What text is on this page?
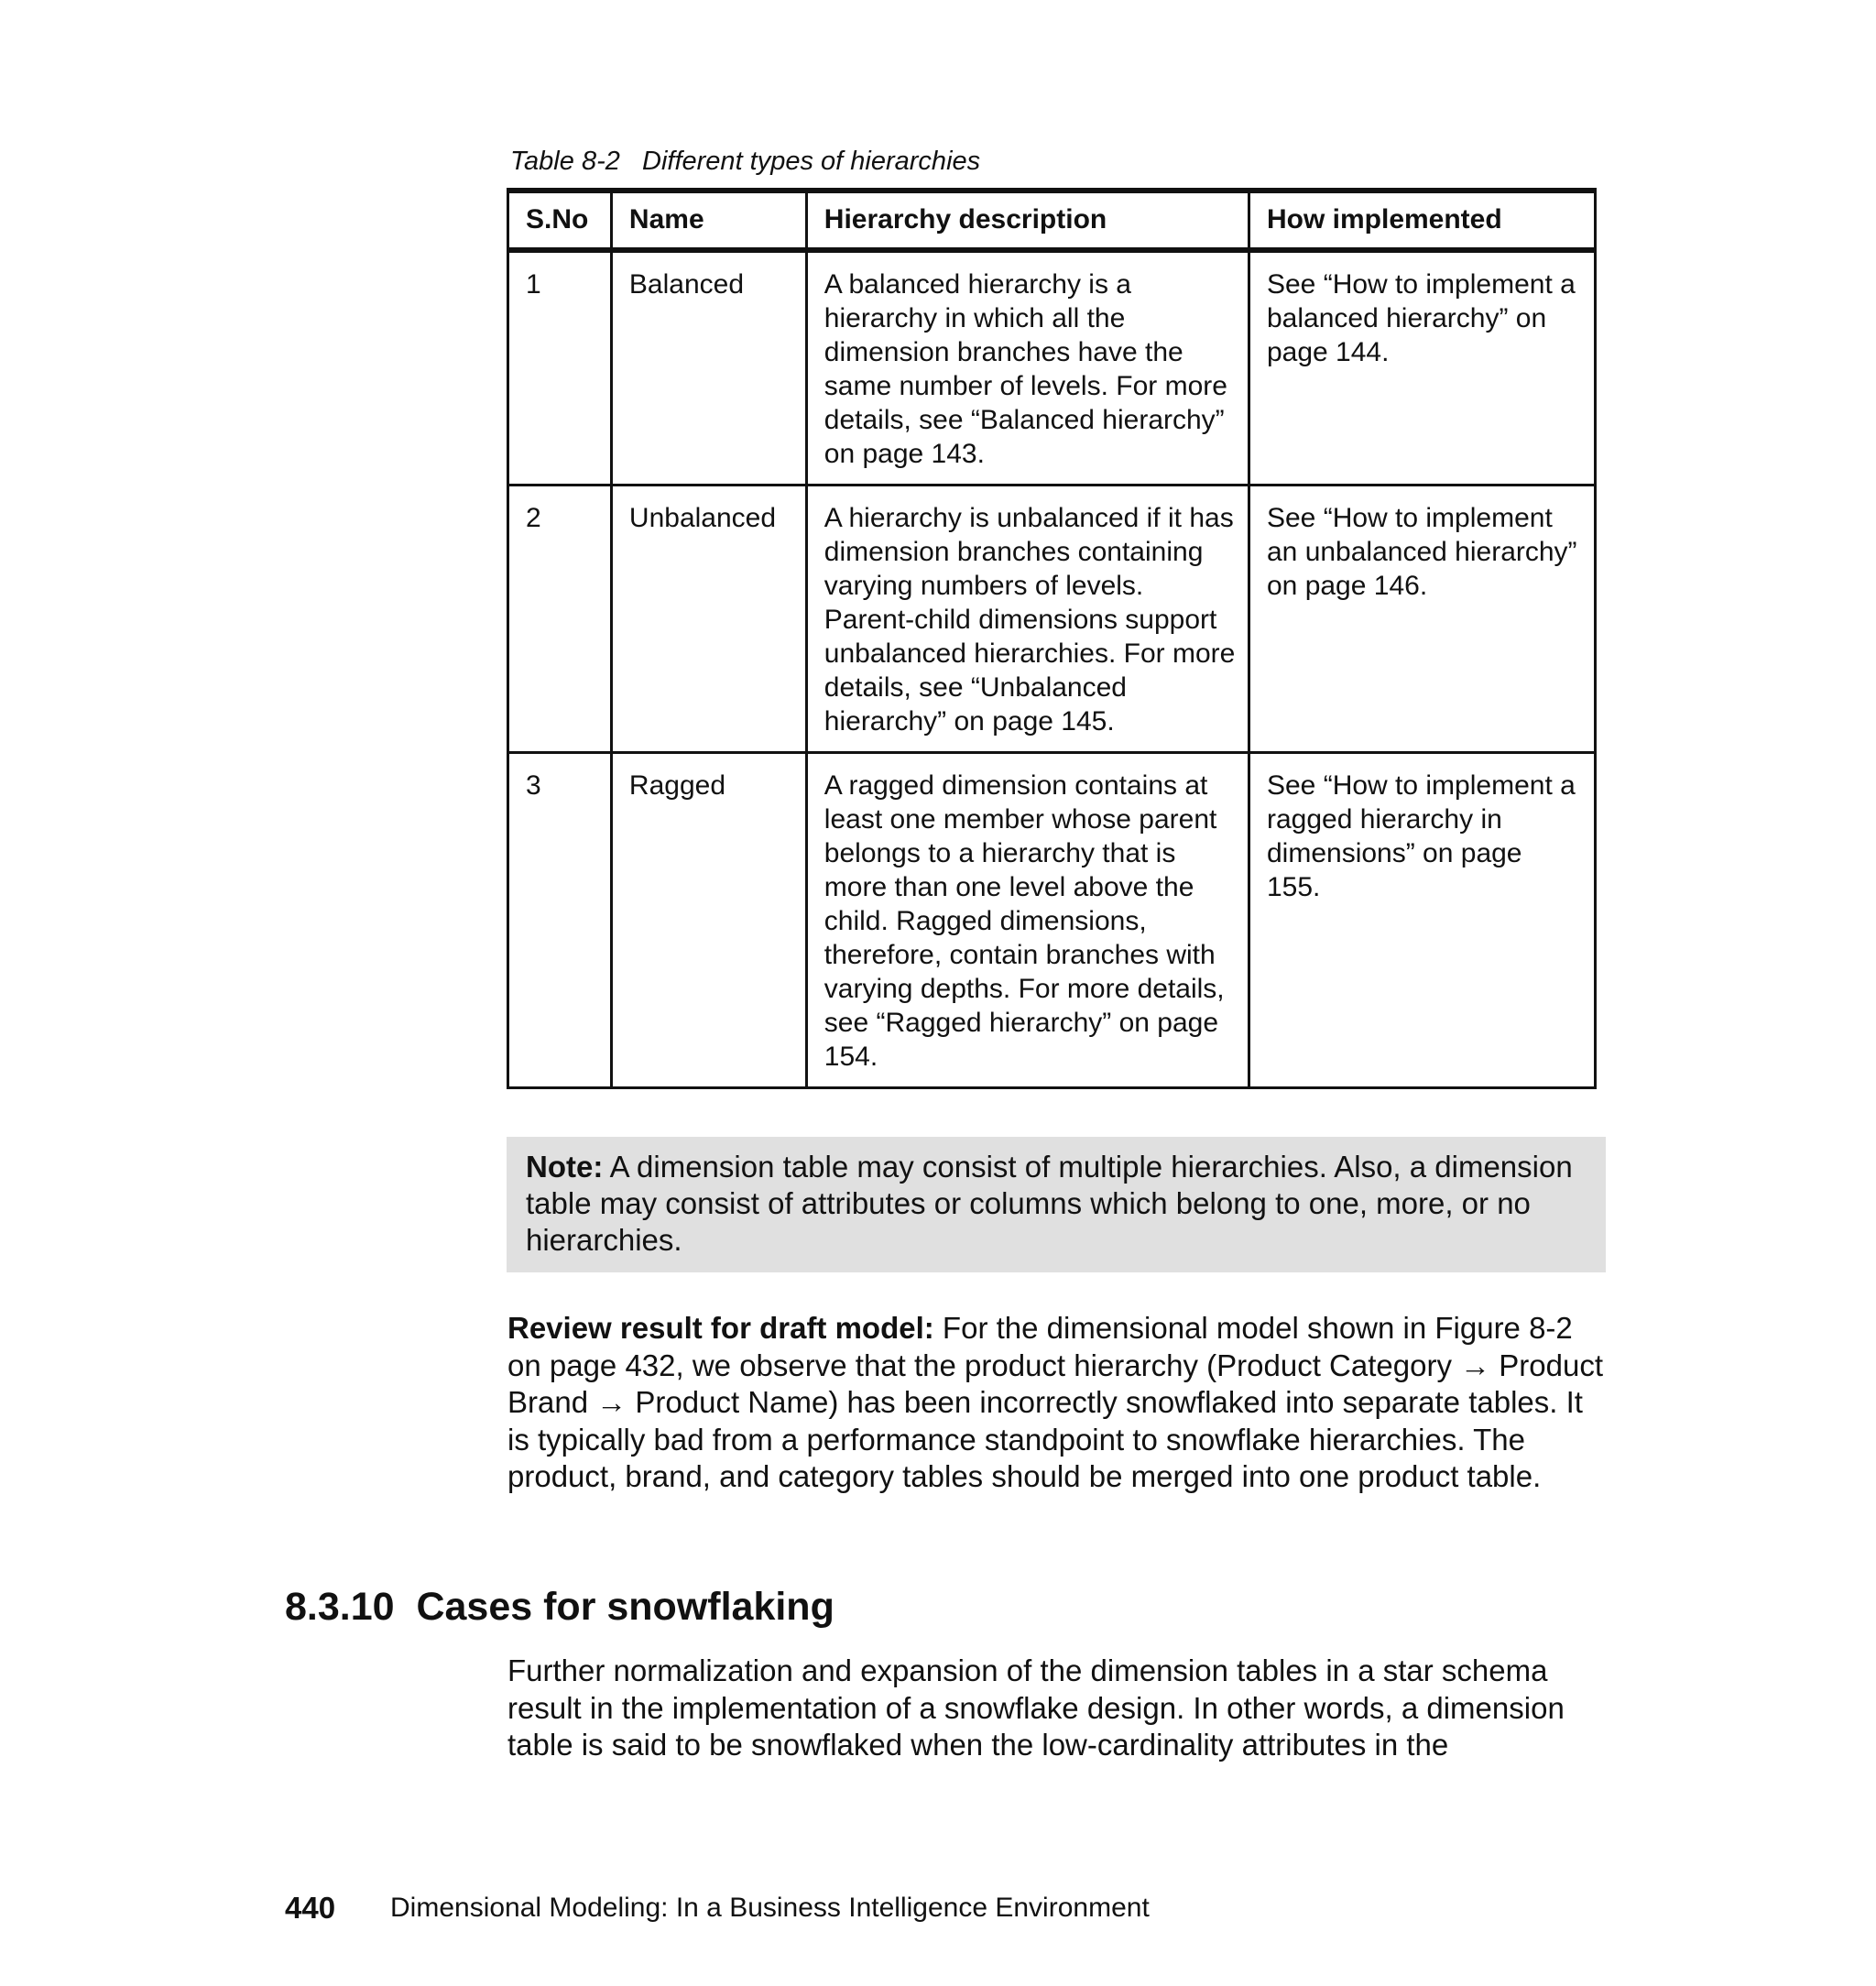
Table 8-2   Different types of hierarchies
S.No	Name	Hierarchy description	How implemented
1	Balanced	A balanced hierarchy is a hierarchy in which all the dimension branches have the same number of levels. For more details, see “Balanced hierarchy” on page 143.	See “How to implement a balanced hierarchy” on page 144.
2	Unbalanced	A hierarchy is unbalanced if it has dimension branches containing varying numbers of levels. Parent-child dimensions support unbalanced hierarchies. For more details, see “Unbalanced hierarchy” on page 145.	See “How to implement an unbalanced hierarchy” on page 146.
3	Ragged	A ragged dimension contains at least one member whose parent belongs to a hierarchy that is more than one level above the child. Ragged dimensions, therefore, contain branches with varying depths. For more details, see “Ragged hierarchy” on page 154.	See “How to implement a ragged hierarchy in dimensions” on page 155.
Note: A dimension table may consist of multiple hierarchies. Also, a dimension table may consist of attributes or columns which belong to one, more, or no hierarchies.
Review result for draft model: For the dimensional model shown in Figure 8-2 on page 432, we observe that the product hierarchy (Product Category → Product Brand → Product Name) has been incorrectly snowflaked into separate tables. It is typically bad from a performance standpoint to snowflake hierarchies. The product, brand, and category tables should be merged into one product table.
8.3.10  Cases for snowflaking
Further normalization and expansion of the dimension tables in a star schema result in the implementation of a snowflake design. In other words, a dimension table is said to be snowflaked when the low-cardinality attributes in the
440 Dimensional Modeling: In a Business Intelligence Environment
